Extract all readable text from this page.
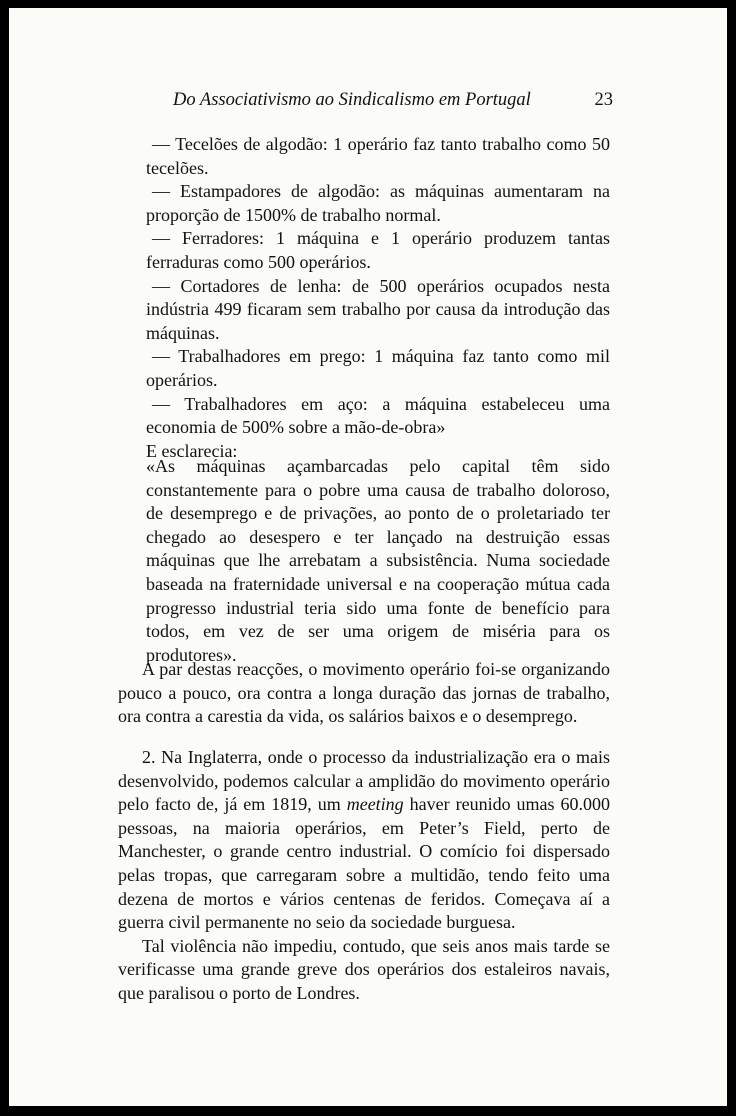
Do Associativismo ao Sindicalismo em Portugal	23

— Tecelões de algodão: 1 operário faz tanto trabalho como 50 tecelões.

— Estampadores de algodão: as máquinas aumentaram na proporção de 1500% de trabalho normal.

— Ferradores: 1 máquina e 1 operário produzem tantas ferraduras como 500 operários.

— Cortadores de lenha: de 500 operários ocupados nesta indústria 499 ficaram sem trabalho por causa da introdução das máquinas.

— Trabalhadores em prego: 1 máquina faz tanto como mil operários.

— Trabalhadores em aço: a máquina estabeleceu uma economia de 500% sobre a mão-de-obra»

E esclarecia:

«As máquinas açambarcadas pelo capital têm sido constantemente para o pobre uma causa de trabalho doloroso, de desemprego e de privações, ao ponto de o proletariado ter chegado ao desespero e ter lançado na destruição essas máquinas que lhe arrebatam a subsistência. Numa sociedade baseada na fraternidade universal e na cooperação mútua cada progresso industrial teria sido uma fonte de benefício para todos, em vez de ser uma origem de miséria para os produtores».

A par destas reacções, o movimento operário foi-se organizando pouco a pouco, ora contra a longa duração das jornas de trabalho, ora contra a carestia da vida, os salários baixos e o desemprego.

2. Na Inglaterra, onde o processo da industrialização era o mais desenvolvido, podemos calcular a amplidão do movimento operário pelo facto de, já em 1819, um meeting haver reunido umas 60.000 pessoas, na maioria operários, em Peter’s Field, perto de Manchester, o grande centro industrial. O comício foi dispersado pelas tropas, que carregaram sobre a multidão, tendo feito uma dezena de mortos e vários centenas de feridos. Começava aí a guerra civil permanente no seio da sociedade burguesa.

Tal violência não impediu, contudo, que seis anos mais tarde se verificasse uma grande greve dos operários dos estaleiros navais, que paralisou o porto de Londres.
